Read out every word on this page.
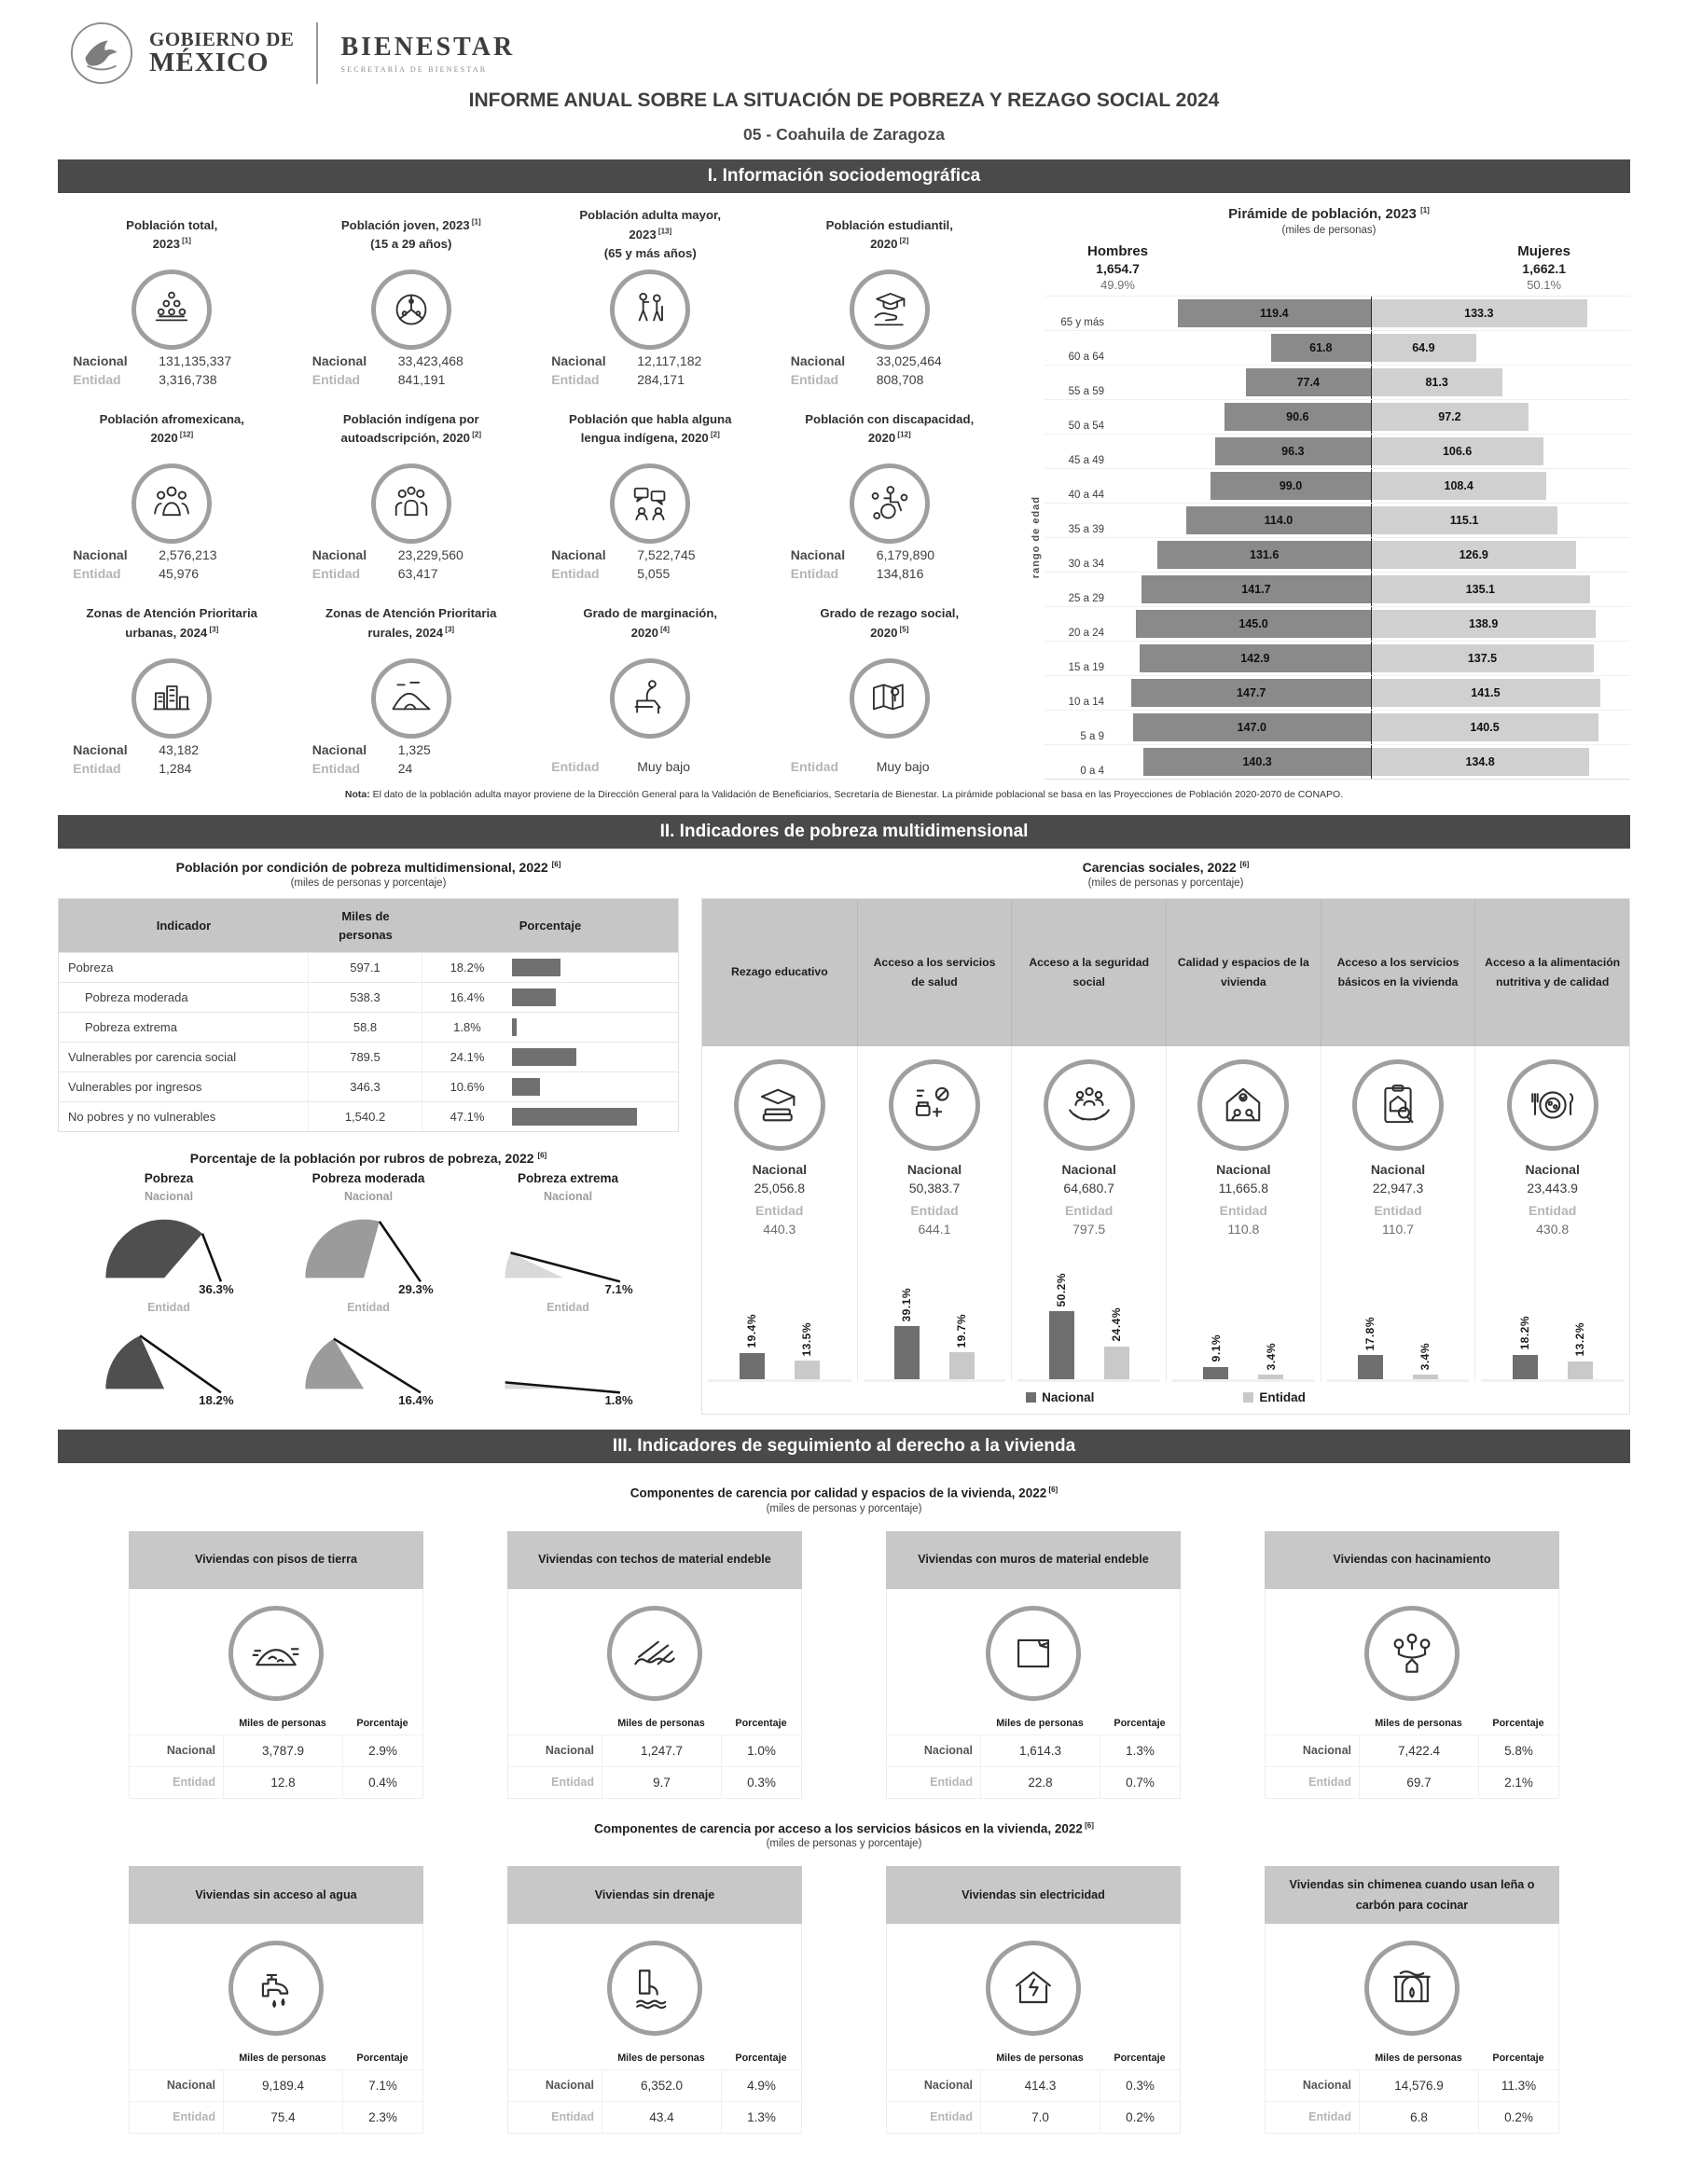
GOBIERNO DE
MÉXICO
BIENESTAR
SECRETARÍA DE BIENESTAR
INFORME ANUAL SOBRE LA SITUACIÓN DE POBREZA Y REZAGO SOCIAL 2024
05 - Coahuila de Zaragoza
I. Información sociodemográfica
Población total,
2023 [1]
Nacional	131,135,337
Entidad	3,316,738
Población joven, 2023 [1]
(15 a 29 años)
Nacional	33,423,468
Entidad	841,191
Población adulta mayor,
2023 [13]
(65 y más años)
Nacional	12,117,182
Entidad	284,171
Población estudiantil,
2020 [2]
Nacional	33,025,464
Entidad	808,708
Población afromexicana,
2020 [12]
Nacional	2,576,213
Entidad	45,976
Población indígena por
autoadscripción, 2020 [2]
Nacional	23,229,560
Entidad	63,417
Población que habla alguna
lengua indígena, 2020 [2]
Nacional	7,522,745
Entidad	5,055
Población con discapacidad,
2020 [12]
Nacional	6,179,890
Entidad	134,816
Zonas de Atención Prioritaria
urbanas, 2024 [3]
Nacional	43,182
Entidad	1,284
Zonas de Atención Prioritaria
rurales, 2024 [3]
Nacional	1,325
Entidad	24
Grado de marginación,
2020 [4]
Entidad	Muy bajo
Grado de rezago social,
2020 [5]
Entidad	Muy bajo
Pirámide de población, 2023 [1]
(miles de personas)
Hombres
1,654.7
49.9%
Mujeres
1,662.1
50.1%
rango de edad
65 y más
119.4	133.3
60 a 64
61.8	64.9
55 a 59
77.4	81.3
50 a 54
90.6	97.2
45 a 49
96.3	106.6
40 a 44
99.0	108.4
35 a 39
114.0	115.1
30 a 34
131.6	126.9
25 a 29
141.7	135.1
20 a 24
145.0	138.9
15 a 19
142.9	137.5
10 a 14
147.7	141.5
5 a 9
147.0	140.5
0 a 4
140.3	134.8
Nota: El dato de la población adulta mayor proviene de la Dirección General para la Validación de Beneficiarios, Secretaría de Bienestar. La pirámide poblacional se basa en las Proyecciones de Población 2020-2070 de CONAPO.
II. Indicadores de pobreza multidimensional
Población por condición de pobreza multidimensional, 2022 [6]
(miles de personas y porcentaje)
Indicador
Miles de personas
Porcentaje
Pobreza	597.1	18.2%
Pobreza moderada	538.3	16.4%
Pobreza extrema	58.8	1.8%
Vulnerables por carencia social	789.5	24.1%
Vulnerables por ingresos	346.3	10.6%
No pobres y no vulnerables	1,540.2	47.1%
Porcentaje de la población por rubros de pobreza, 2022 [6]
Pobreza
Nacional
36.3%
Entidad
18.2%
Pobreza moderada
Nacional
29.3%
Entidad
16.4%
Pobreza extrema
Nacional
7.1%
Entidad
1.8%
Carencias sociales, 2022 [6]
(miles de personas y porcentaje)
Rezago educativo
Acceso a los servicios de salud
Acceso a la seguridad social
Calidad y espacios de la vivienda
Acceso a los servicios básicos en la vivienda
Acceso a la alimentación nutritiva y de calidad
Nacional
25,056.8
Entidad
440.3
19.4%	13.5%
Nacional
50,383.7
Entidad
644.1
39.1%
19.7%
Nacional
64,680.7
Entidad
797.5
50.2%
24.4%
Nacional
11,665.8
Entidad
110.8
9.1%	3.4%
Nacional
22,947.3
Entidad
110.7
17.8%
3.4%
Nacional
23,443.9
Entidad
430.8
18.2%	13.2%
Nacional	Entidad
III. Indicadores de seguimiento al derecho a la vivienda
Componentes de carencia por calidad y espacios de la vivienda, 2022 [6]
(miles de personas y porcentaje)
Viviendas con pisos de tierra
Miles de personas	Porcentaje
Nacional	3,787.9	2.9%
Entidad	12.8	0.4%
Viviendas con techos de material endeble
Miles de personas	Porcentaje
Nacional	1,247.7	1.0%
Entidad	9.7	0.3%
Viviendas con muros de material endeble
Miles de personas	Porcentaje
Nacional	1,614.3	1.3%
Entidad	22.8	0.7%
Viviendas con hacinamiento
Miles de personas	Porcentaje
Nacional	7,422.4	5.8%
Entidad	69.7	2.1%
Componentes de carencia por acceso a los servicios básicos en la vivienda, 2022 [6]
(miles de personas y porcentaje)
Viviendas sin acceso al agua
Miles de personas	Porcentaje
Nacional	9,189.4	7.1%
Entidad	75.4	2.3%
Viviendas sin drenaje
Miles de personas	Porcentaje
Nacional	6,352.0	4.9%
Entidad	43.4	1.3%
Viviendas sin electricidad
Miles de personas	Porcentaje
Nacional	414.3	0.3%
Entidad	7.0	0.2%
Viviendas sin chimenea cuando usan leña o carbón para cocinar
Miles de personas	Porcentaje
Nacional	14,576.9	11.3%
Entidad	6.8	0.2%
